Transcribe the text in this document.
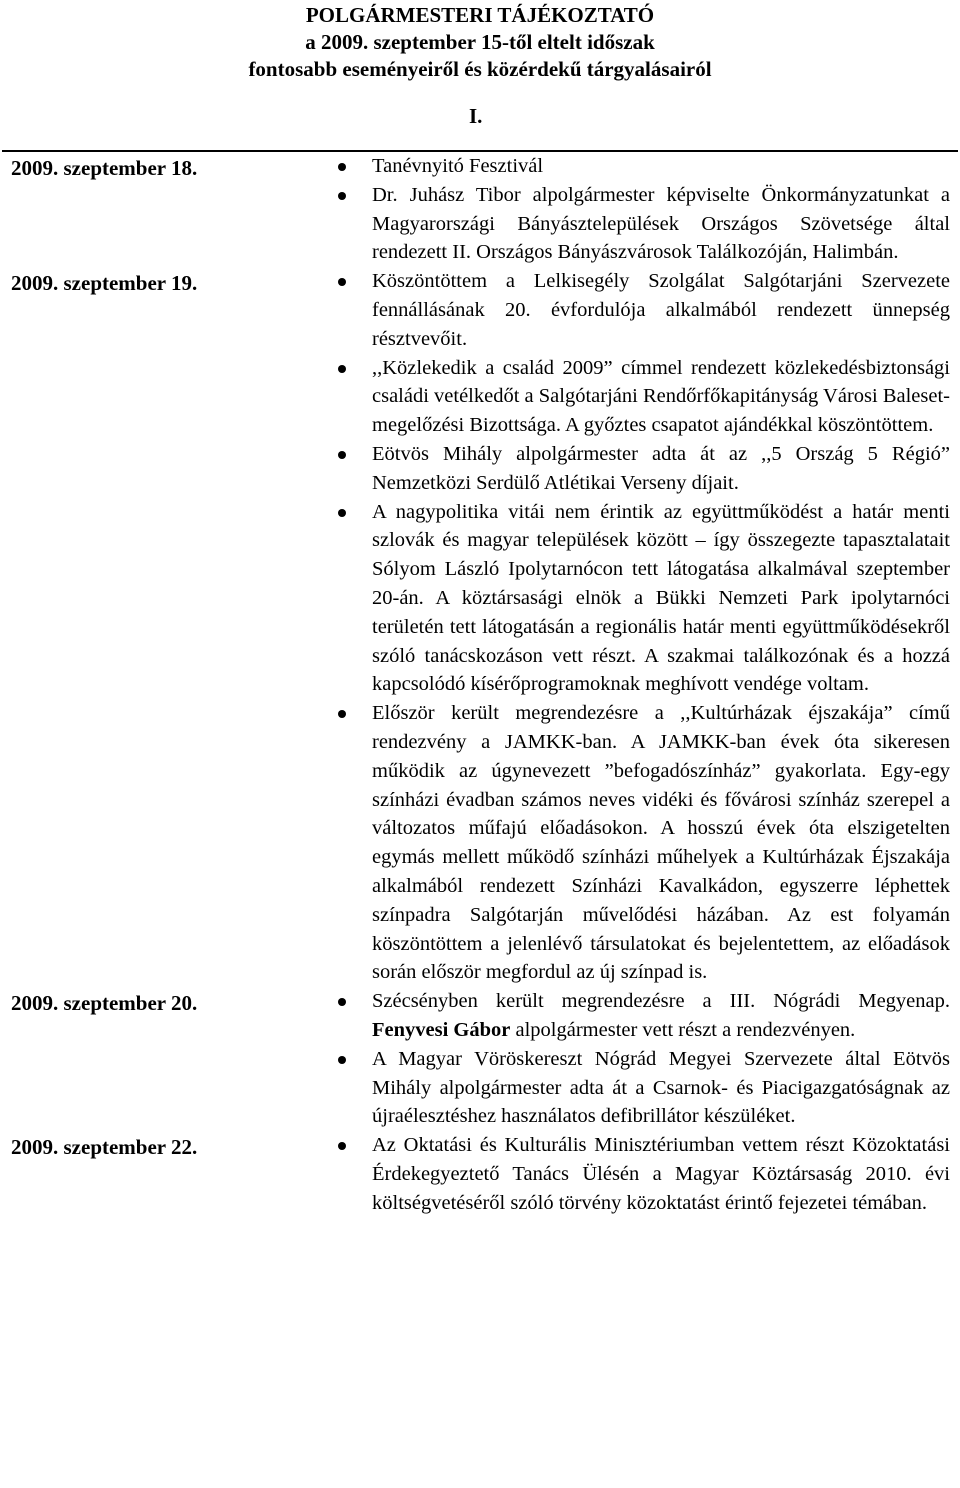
POLGÁRMESTERI TÁJÉKOZTATÓ
a 2009. szeptember 15-től eltelt időszak
fontosabb eseményeiről és közérdekű tárgyalásairól
I.
2009. szeptember 18.	Tanévnyitó Fesztivál
Dr. Juhász Tibor alpolgármester képviselte Önkormányzatunkat a Magyarországi Bányásztelepülések Országos Szövetsége által rendezett II. Országos Bányászvárosok Találkozóján, Halimbán.
2009. szeptember 19.	Köszöntöttem a Lelkisegély Szolgálat Salgótarjáni Szervezete fennállásának 20. évfordulója alkalmából rendezett ünnepség résztvevőit.
,,Közlekedik a család 2009” címmel rendezett közlekedésbiztonsági családi vetélkedőt a Salgótarjáni Rendőrfőkapitányság Városi Baleset-megelőzési Bizottsága. A győztes csapatot ajándékkal köszöntöttem.
Eötvös Mihály alpolgármester adta át az ,,5 Ország 5 Régió” Nemzetközi Serdülő Atlétikai Verseny díjait.
A nagypolitika vitái nem érintik az együttműködést a határ menti szlovák és magyar települések között – így összegezte tapasztalatait Sólyom László Ipolytarnócon tett látogatása alkalmával szeptember 20-án. A köztársasági elnök a Bükki Nemzeti Park ipolytarnóci területén tett látogatásán a regionális határ menti együttműködésekről szóló tanácskozáson vett részt. A szakmai találkozónak és a hozzá kapcsolódó kísérőprogramoknak meghívott vendége voltam.
Először került megrendezésre a ,,Kultúrházak éjszakája” című rendezvény a JAMKK-ban. A JAMKK-ban évek óta sikeresen működik az úgynevezett ”befogadószínház” gyakorlata. Egy-egy színházi évadban számos neves vidéki és fővárosi színház szerepel a változatos műfajú előadásokon. A hosszú évek óta elszigetelten egymás mellett működő színházi műhelyek a Kultúrházak Éjszakája alkalmából rendezett Színházi Kavalkádon, egyszerre léphettek színpadra Salgótarján művelődési házában. Az est folyamán köszöntöttem a jelenlévő társulatokat és bejelentettem, az előadások során először megfordul az új színpad is.
2009. szeptember 20.	Szécsényben került megrendezésre a III. Nógrádi Megyenap. Fenyvesi Gábor alpolgármester vett részt a rendezvényen.
A Magyar Vöröskereszt Nógrád Megyei Szervezete által Eötvös Mihály alpolgármester adta át a Csarnok- és Piacigazgatóságnak az újraélesztéshez használatos defibrillátor készüléket.
2009. szeptember 22.	Az Oktatási és Kulturális Minisztériumban vettem részt Közoktatási Érdekegyeztető Tanács Ülésén a Magyar Köztársaság 2010. évi költségvetéséről szóló törvény közoktatást érintő fejezetei témában.
